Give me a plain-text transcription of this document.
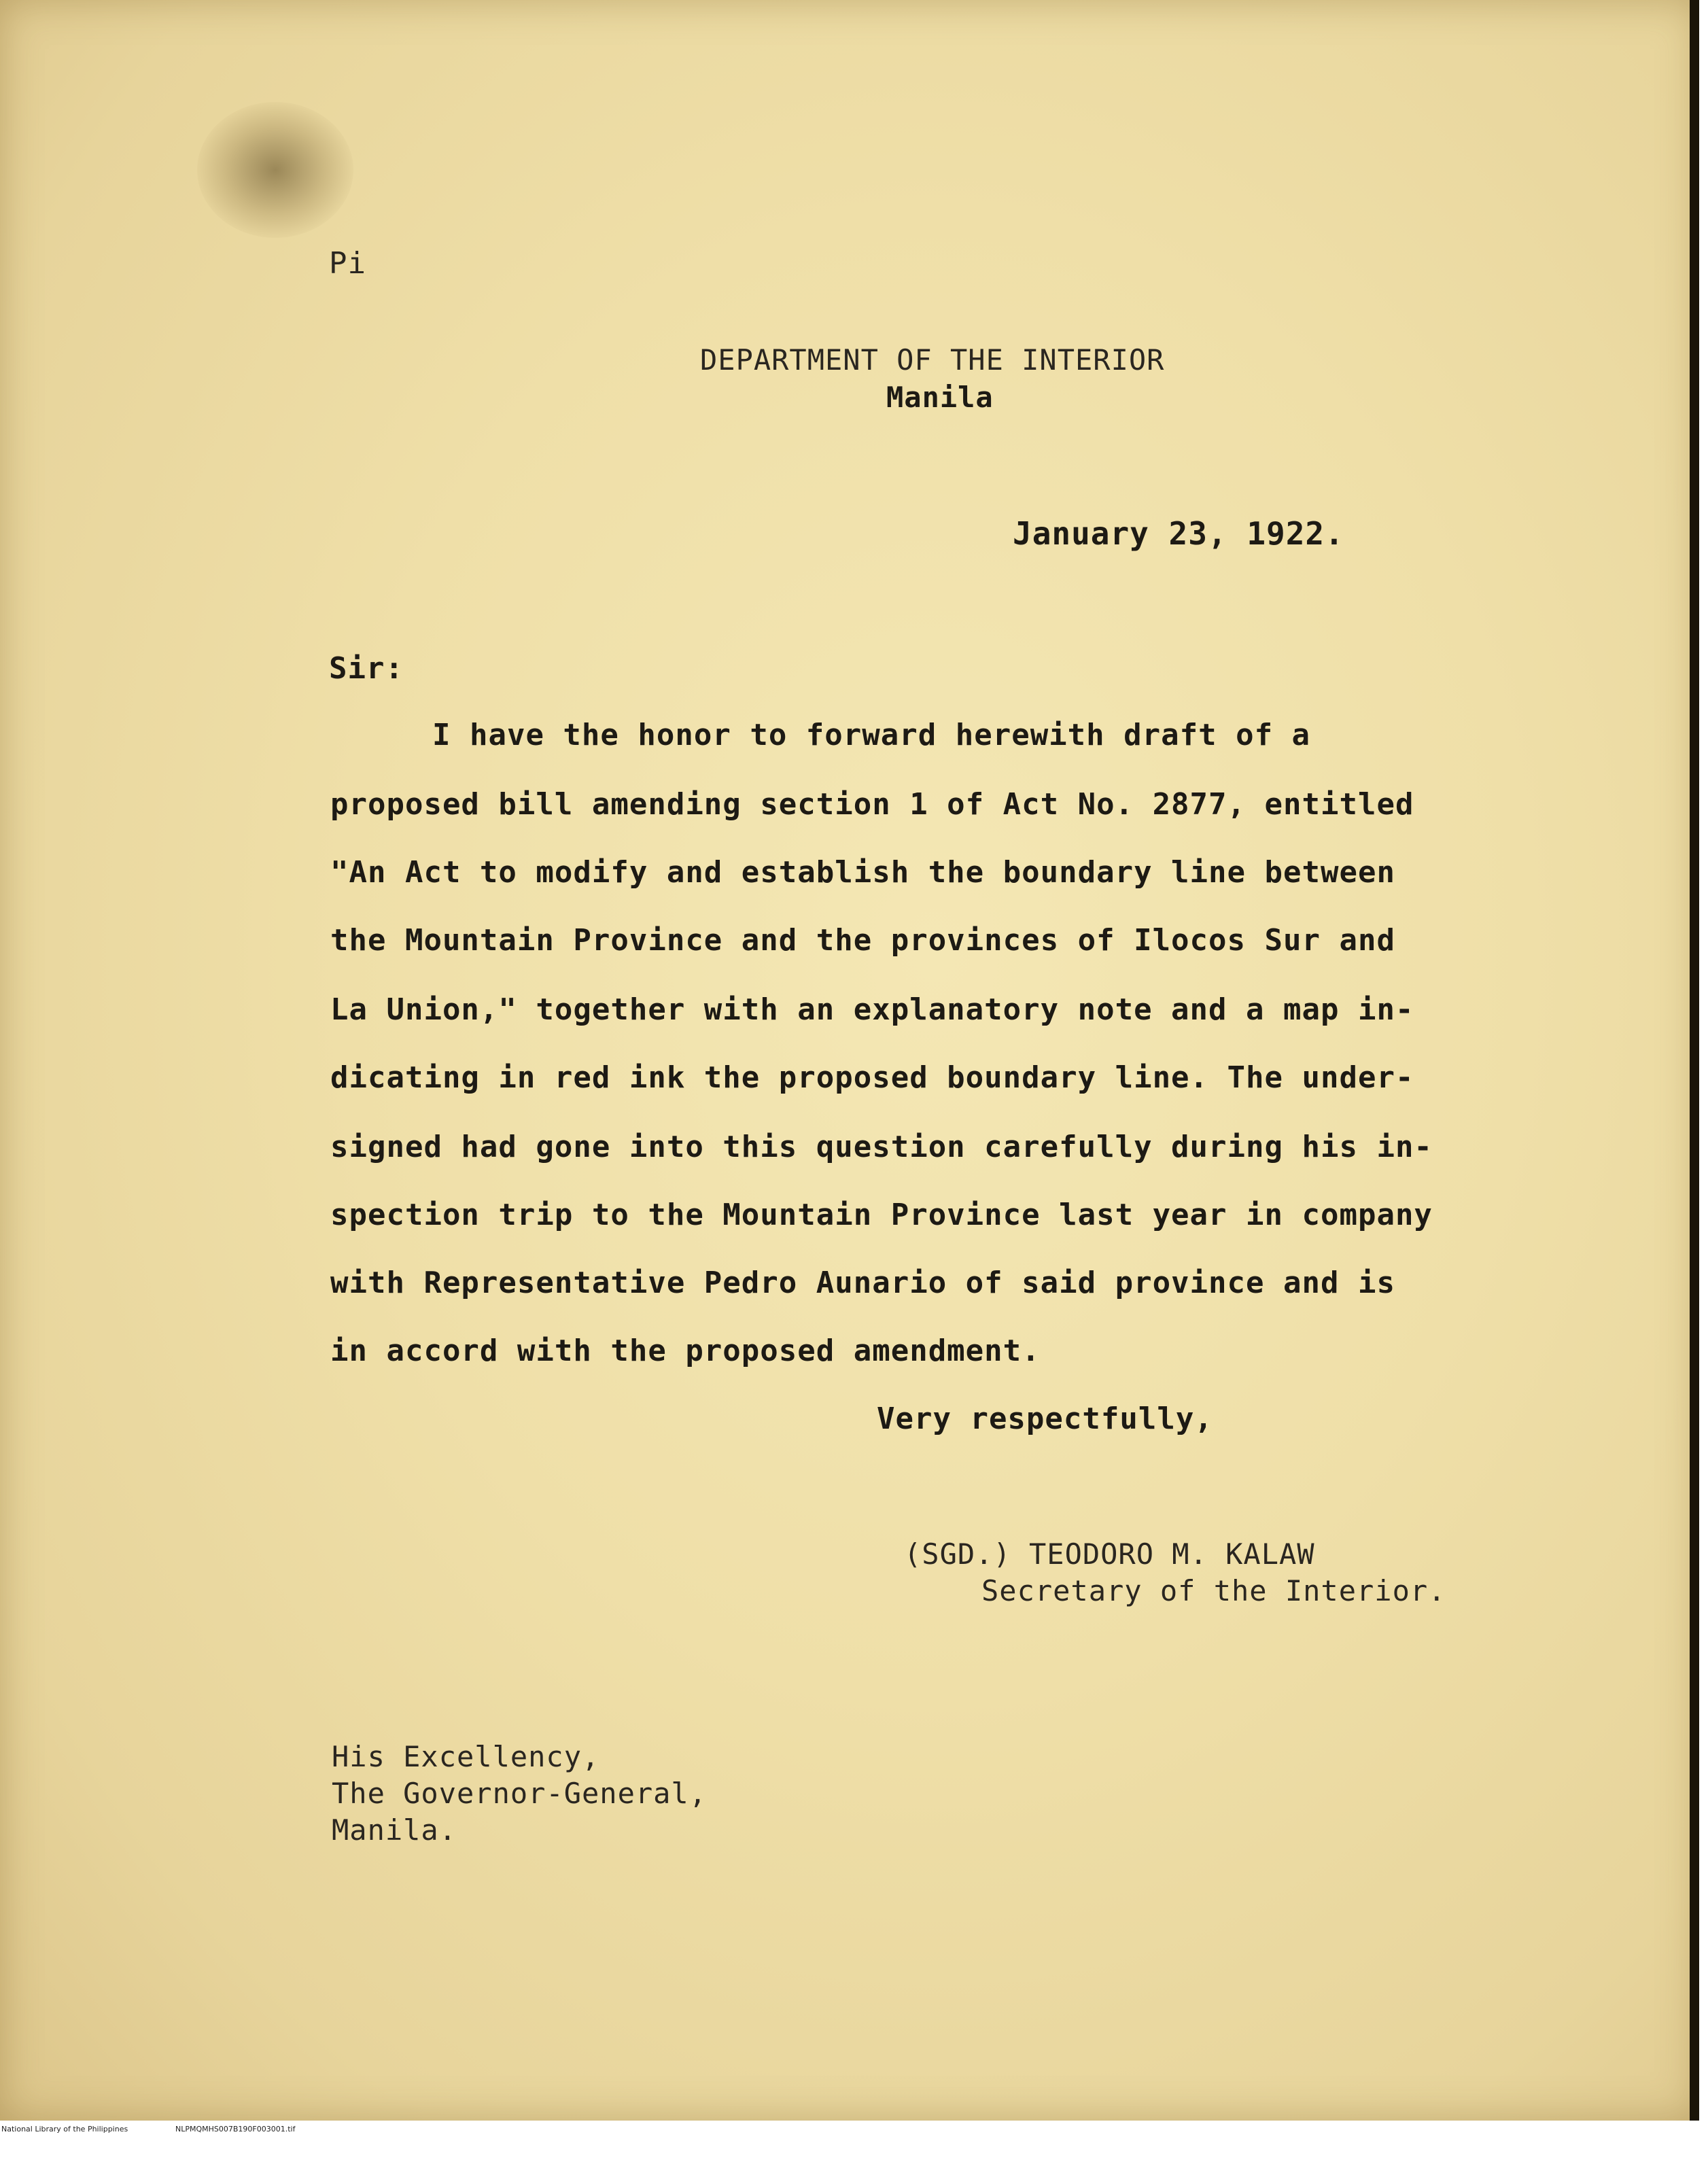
Pi

DEPARTMENT OF THE INTERIOR

Manila

January 23, 1922.

Sir:

I have the honor to forward herewith draft of a

proposed bill amending section 1 of Act No. 2877, entitled

"An Act to modify and establish the boundary line between

the Mountain Province and the provinces of Ilocos Sur and

La Union," together with an explanatory note and a map in-

dicating in red ink the proposed boundary line. The under-

signed had gone into this question carefully during his in-

spection trip to the Mountain Province last year in company

with Representative Pedro Aunario of said province and is

in accord with the proposed amendment.

Very respectfully,

(SGD.) TEODORO M. KALAW

Secretary of the Interior.

His Excellency,

The Governor-General,

Manila.

National Library of the Philippines

	NLPMQMHS007B190F003001.tif
